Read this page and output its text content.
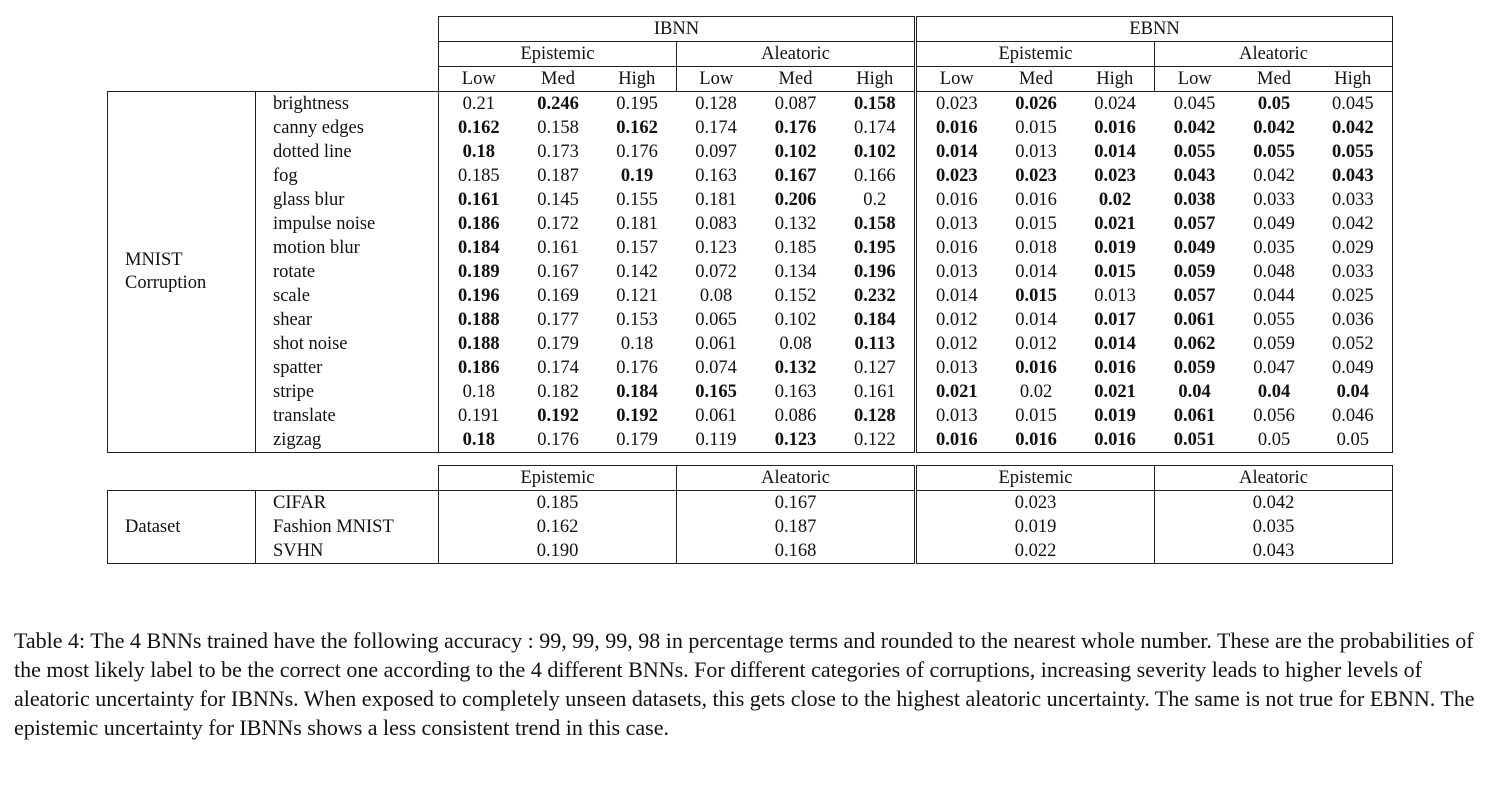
		IBNN						EBNN					
		Epistemic			Aleatoric			Epistemic			Aleatoric		
		Low	Med	High	Low	Med	High	Low	Med	High	Low	Med	High
MNIST
Corruption	brightness	0.21	0.246	0.195	0.128	0.087	0.158	0.023	0.026	0.024	0.045	0.05	0.045
	canny edges	0.162	0.158	0.162	0.174	0.176	0.174	0.016	0.015	0.016	0.042	0.042	0.042
	dotted line	0.18	0.173	0.176	0.097	0.102	0.102	0.014	0.013	0.014	0.055	0.055	0.055
	fog	0.185	0.187	0.19	0.163	0.167	0.166	0.023	0.023	0.023	0.043	0.042	0.043
	glass blur	0.161	0.145	0.155	0.181	0.206	0.2	0.016	0.016	0.02	0.038	0.033	0.033
	impulse noise	0.186	0.172	0.181	0.083	0.132	0.158	0.013	0.015	0.021	0.057	0.049	0.042
	motion blur	0.184	0.161	0.157	0.123	0.185	0.195	0.016	0.018	0.019	0.049	0.035	0.029
	rotate	0.189	0.167	0.142	0.072	0.134	0.196	0.013	0.014	0.015	0.059	0.048	0.033
	scale	0.196	0.169	0.121	0.08	0.152	0.232	0.014	0.015	0.013	0.057	0.044	0.025
	shear	0.188	0.177	0.153	0.065	0.102	0.184	0.012	0.014	0.017	0.061	0.055	0.036
	shot noise	0.188	0.179	0.18	0.061	0.08	0.113	0.012	0.012	0.014	0.062	0.059	0.052
	spatter	0.186	0.174	0.176	0.074	0.132	0.127	0.013	0.016	0.016	0.059	0.047	0.049
	stripe	0.18	0.182	0.184	0.165	0.163	0.161	0.021	0.02	0.021	0.04	0.04	0.04
	translate	0.191	0.192	0.192	0.061	0.086	0.128	0.013	0.015	0.019	0.061	0.056	0.046
	zigzag	0.18	0.176	0.179	0.119	0.123	0.122	0.016	0.016	0.016	0.051	0.05	0.05
		Epistemic	Aleatoric	Epistemic	Aleatoric
Dataset	CIFAR	0.185	0.167	0.023	0.042
	Fashion MNIST	0.162	0.187	0.019	0.035
	SVHN	0.190	0.168	0.022	0.043
Table 4: The 4 BNNs trained have the following accuracy : 99, 99, 99, 98 in percentage terms and rounded to the nearest whole number. These are the probabilities of the most likely label to be the correct one according to the 4 different BNNs. For different categories of corruptions, increasing severity leads to higher levels of aleatoric uncertainty for IBNNs. When exposed to completely unseen datasets, this gets close to the highest aleatoric uncertainty. The same is not true for EBNN. The epistemic uncertainty for IBNNs shows a less consistent trend in this case.
